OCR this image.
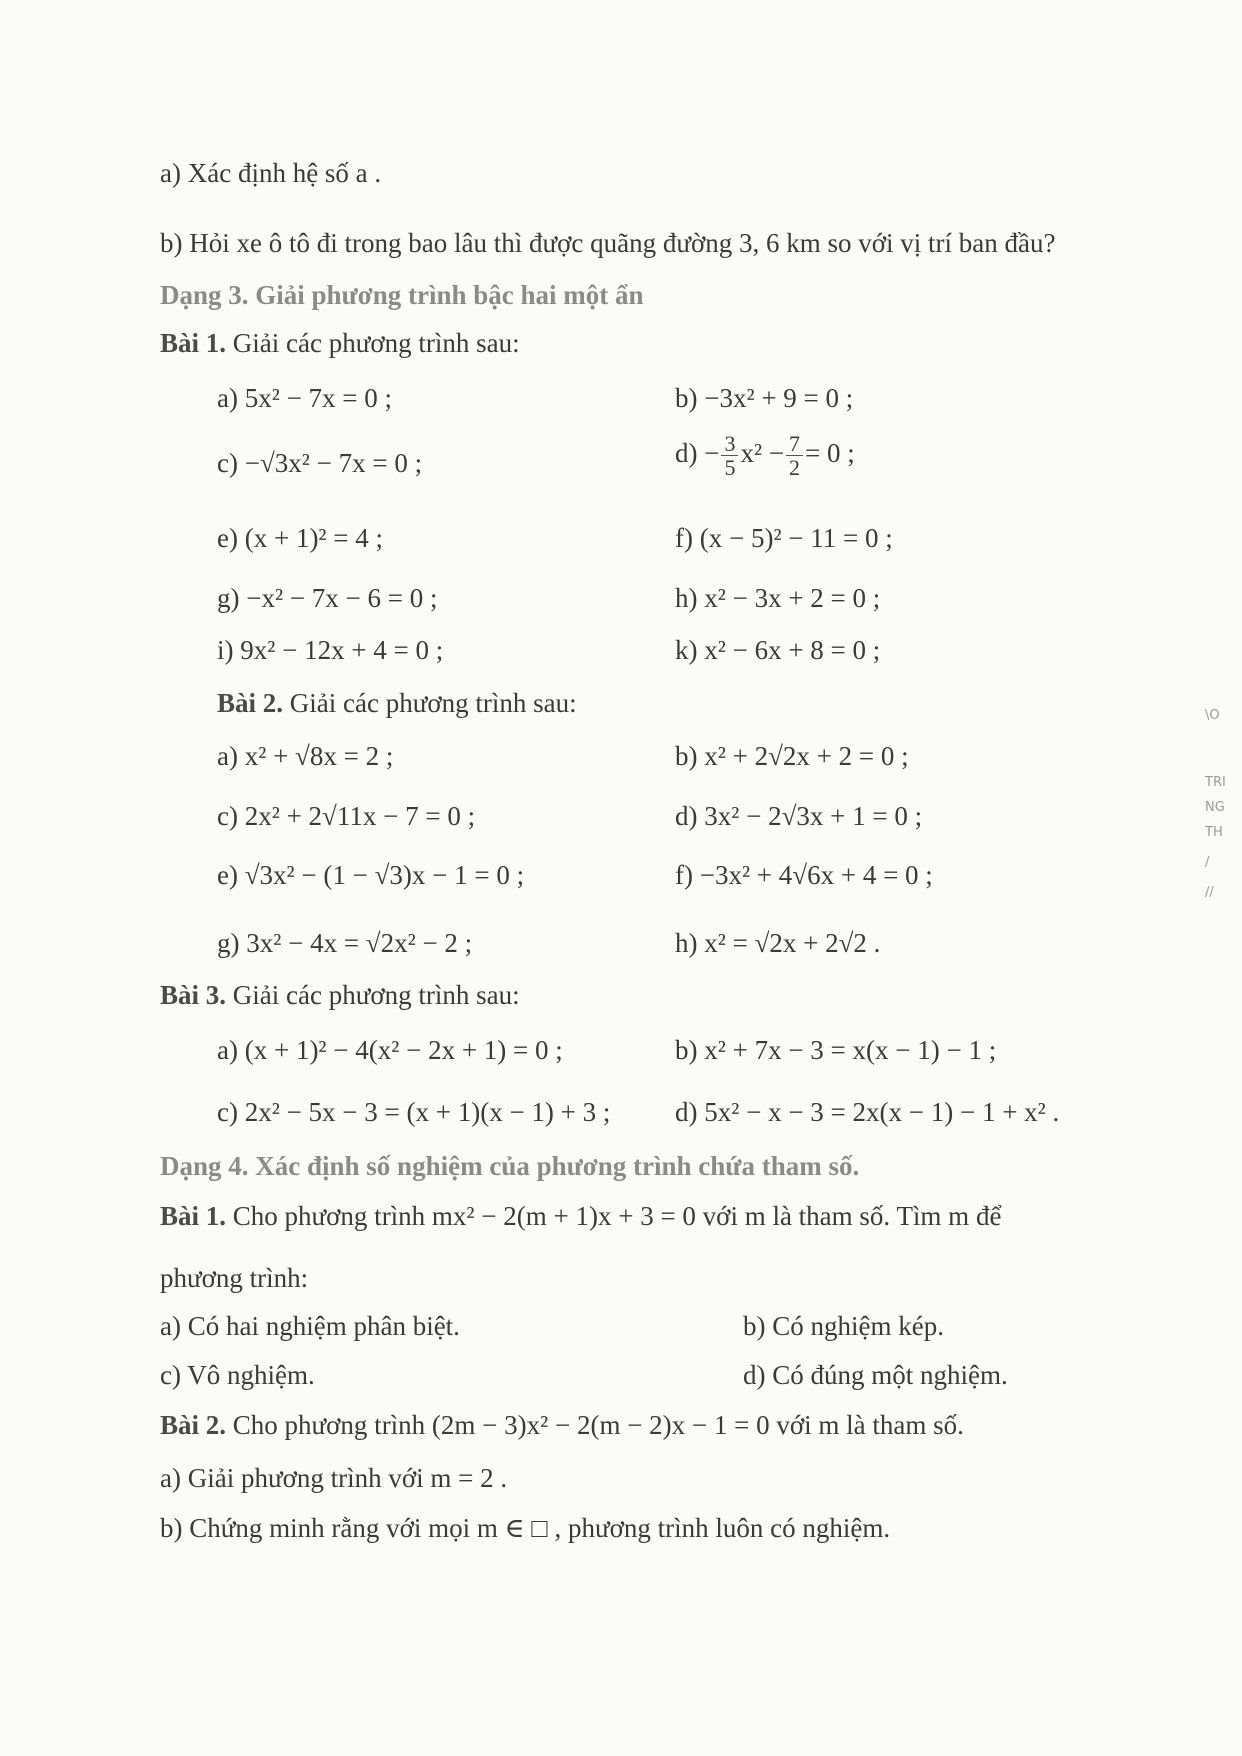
a) Xác định hệ số a .
b) Hỏi xe ô tô đi trong bao lâu thì được quãng đường 3, 6 km so với vị trí ban đầu?
Dạng 3. Giải phương trình bậc hai một ẩn
Bài 1. Giải các phương trình sau:
a) 5x² − 7x = 0 ;	b) −3x² + 9 = 0 ;
c) −√3x² − 7x = 0 ;	$d) - \frac{3}{5} x^2 - \frac{7}{2} = 0$ ;
e) (x + 1)² = 4 ;	f) (x − 5)² − 11 = 0 ;
g) −x² − 7x − 6 = 0 ;	h) x² − 3x + 2 = 0 ;
i) 9x² − 12x + 4 = 0 ;	k) x² − 6x + 8 = 0 ;
Bài 2. Giải các phương trình sau:
a) x² + √8x = 2 ;	b) x² + 2√2x + 2 = 0 ;
c) 2x² + 2√11x − 7 = 0 ;	d) 3x² − 2√3x + 1 = 0 ;
e) √3x² − (1 − √3)x − 1 = 0 ;	f) −3x² + 4√6x + 4 = 0 ;
g) 3x² − 4x = √2x² − 2 ;	h) x² = √2x + 2√2 .
Bài 3. Giải các phương trình sau:
a) (x + 1)² − 4(x² − 2x + 1) = 0 ;	b) x² + 7x − 3 = x(x − 1) − 1 ;
c) 2x² − 5x − 3 = (x + 1)(x − 1) + 3 ; d) 5x² − x − 3 = 2x(x − 1) − 1 + x² .
Dạng 4. Xác định số nghiệm của phương trình chứa tham số.
Bài 1. Cho phương trình mx² − 2(m + 1)x + 3 = 0 với m là tham số. Tìm m để
phương trình:
a) Có hai nghiệm phân biệt.	b) Có nghiệm kép.
c) Vô nghiệm.	d) Có đúng một nghiệm.
Bài 2. Cho phương trình (2m − 3)x² − 2(m − 2)x − 1 = 0 với m là tham số.
a) Giải phương trình với m = 2 .
b) Chứng minh rằng với mọi m ∈ □ , phương trình luôn có nghiệm.
\O
TRI
NG
TH
/
//
